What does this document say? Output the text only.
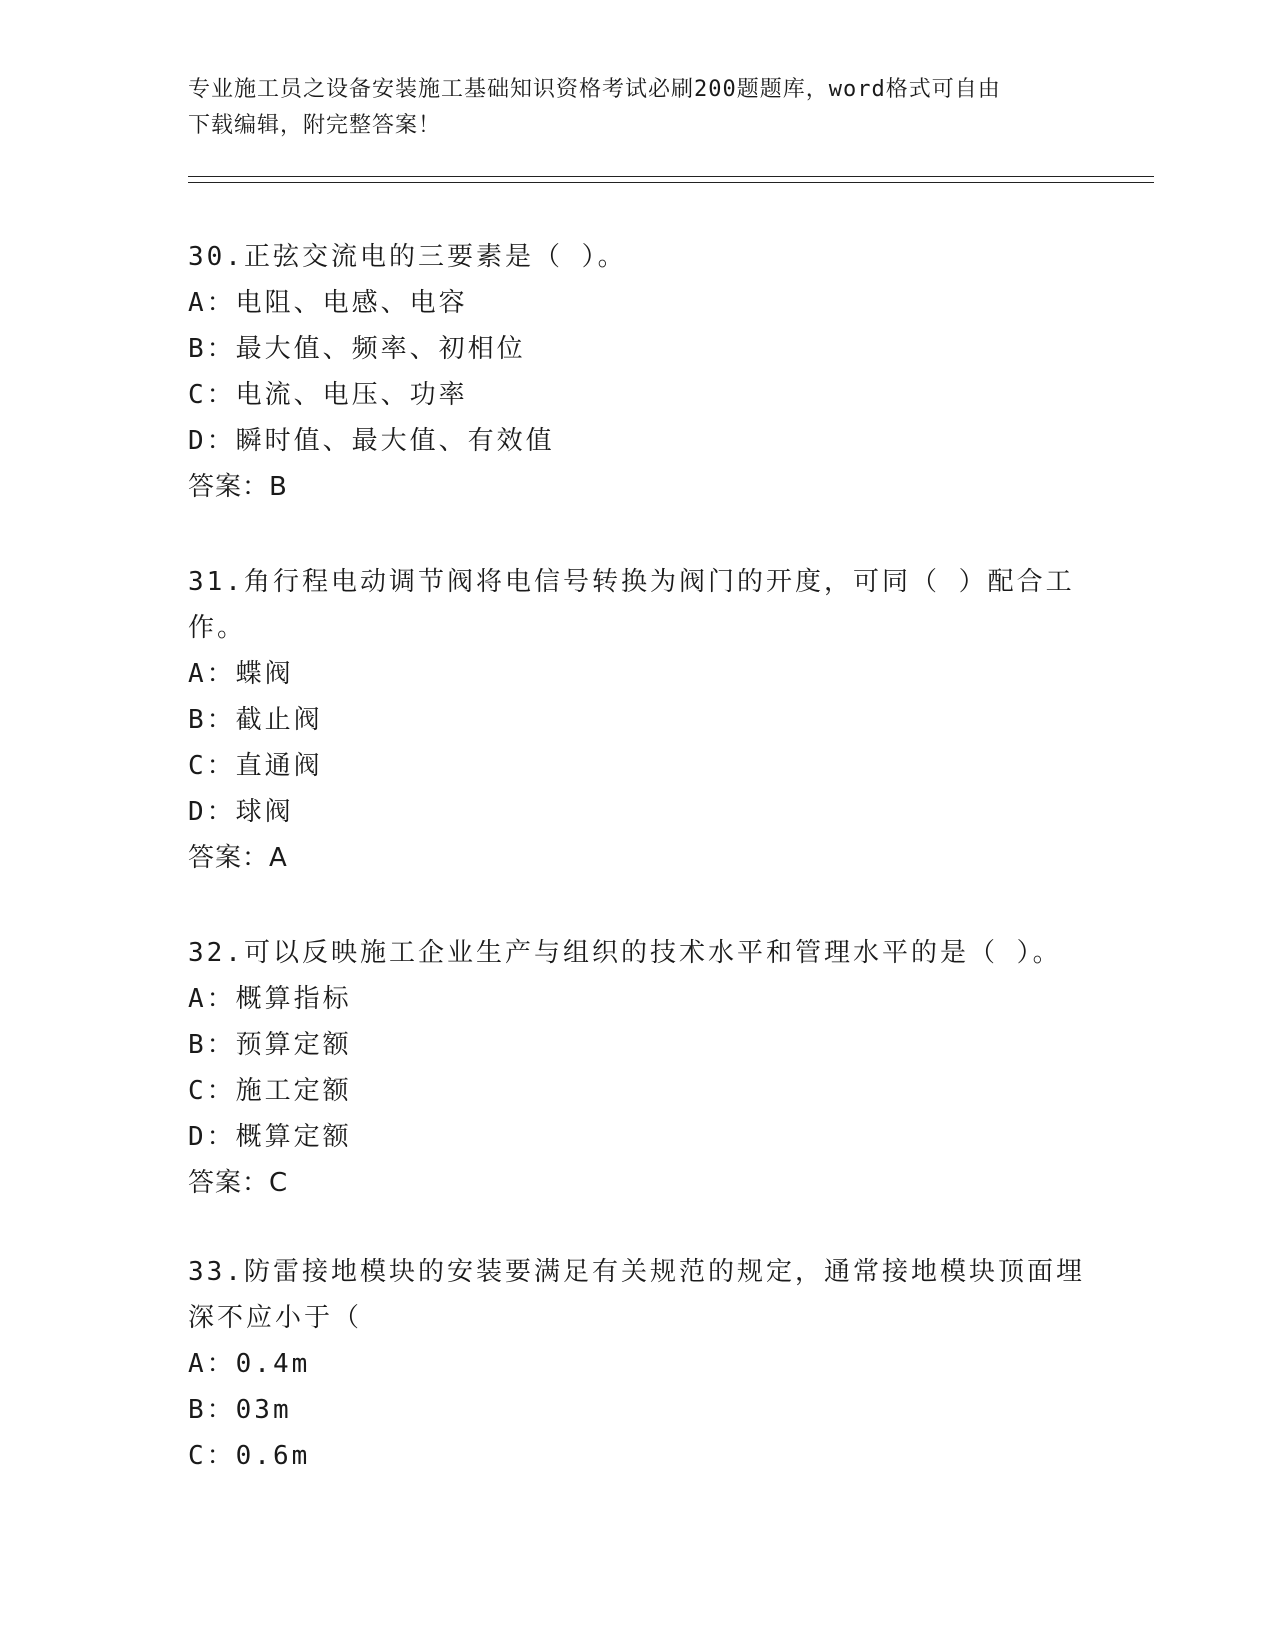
专业施工员之设备安装施工基础知识资格考试必刷200题题库，word格式可自由
下载编辑，附完整答案！
30.正弦交流电的三要素是（ ）。
A：电阻、电感、电容
B：最大值、频率、初相位
C：电流、电压、功率
D：瞬时值、最大值、有效值
答案：B
31.角行程电动调节阀将电信号转换为阀门的开度，可同（ ）配合工
作。
A：蝶阀
B：截止阀
C：直通阀
D：球阀
答案：A
32.可以反映施工企业生产与组织的技术水平和管理水平的是（ ）。
A：概算指标
B：预算定额
C：施工定额
D：概算定额
答案：C
33.防雷接地模块的安装要满足有关规范的规定，通常接地模块顶面埋
深不应小于（
A：0.4m
B：03m
C：0.6m
